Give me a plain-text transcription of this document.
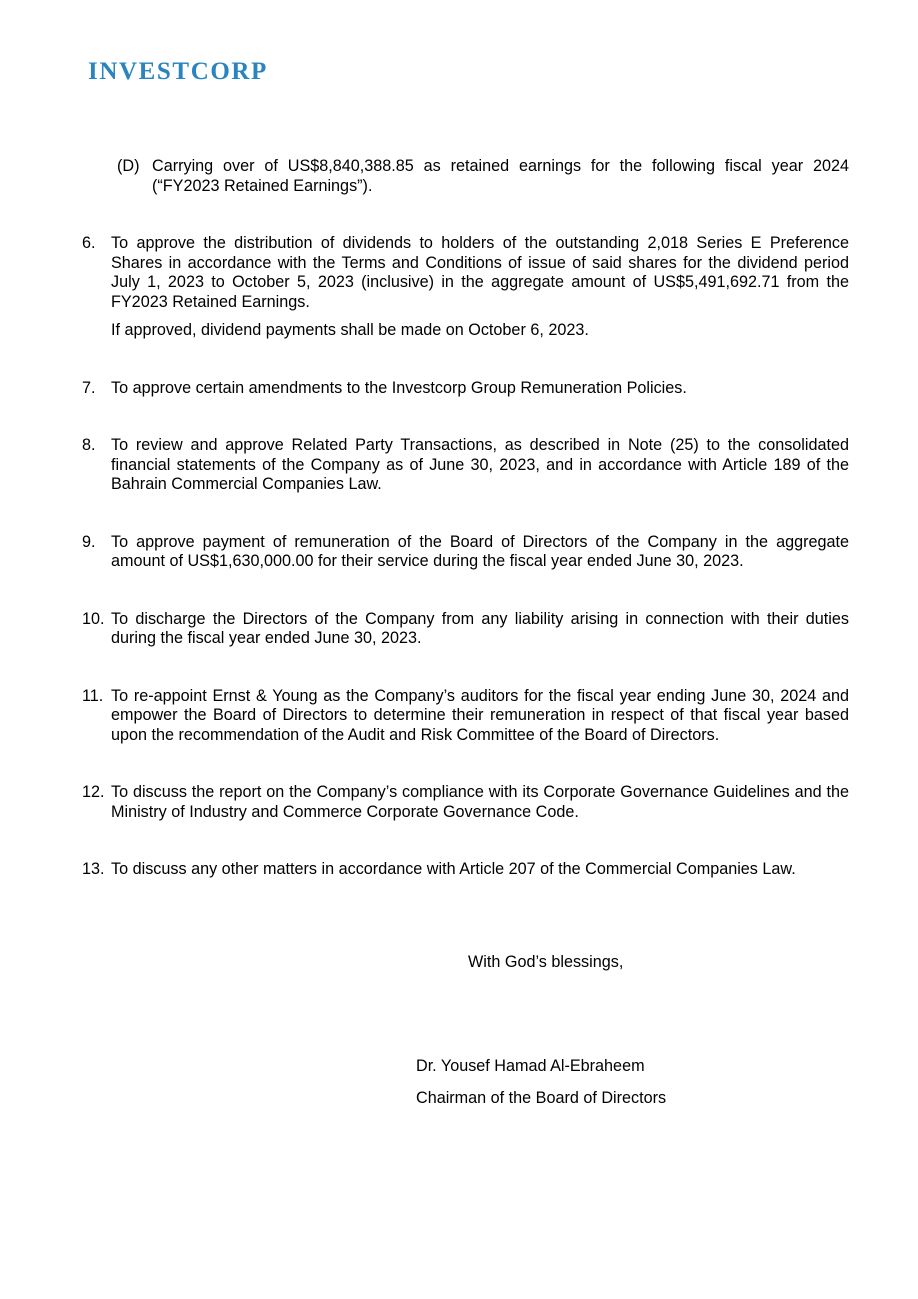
INVESTCORP
(D) Carrying over of US$8,840,388.85 as retained earnings for the following fiscal year 2024 (“FY2023 Retained Earnings”).

6. To approve the distribution of dividends to holders of the outstanding 2,018 Series E Preference Shares in accordance with the Terms and Conditions of issue of said shares for the dividend period July 1, 2023 to October 5, 2023 (inclusive) in the aggregate amount of US$5,491,692.71 from the FY2023 Retained Earnings.

If approved, dividend payments shall be made on October 6, 2023.

7. To approve certain amendments to the Investcorp Group Remuneration Policies.

8. To review and approve Related Party Transactions, as described in Note (25) to the consolidated financial statements of the Company as of June 30, 2023, and in accordance with Article 189 of the Bahrain Commercial Companies Law.

9. To approve payment of remuneration of the Board of Directors of the Company in the aggregate amount of US$1,630,000.00 for their service during the fiscal year ended June 30, 2023.

10. To discharge the Directors of the Company from any liability arising in connection with their duties during the fiscal year ended June 30, 2023.

11. To re-appoint Ernst & Young as the Company’s auditors for the fiscal year ending June 30, 2024 and empower the Board of Directors to determine their remuneration in respect of that fiscal year based upon the recommendation of the Audit and Risk Committee of the Board of Directors.

12. To discuss the report on the Company’s compliance with its Corporate Governance Guidelines and the Ministry of Industry and Commerce Corporate Governance Code.

13. To discuss any other matters in accordance with Article 207 of the Commercial Companies Law.

With God’s blessings,
Dr. Yousef Hamad Al-Ebraheem
Chairman of the Board of Directors
